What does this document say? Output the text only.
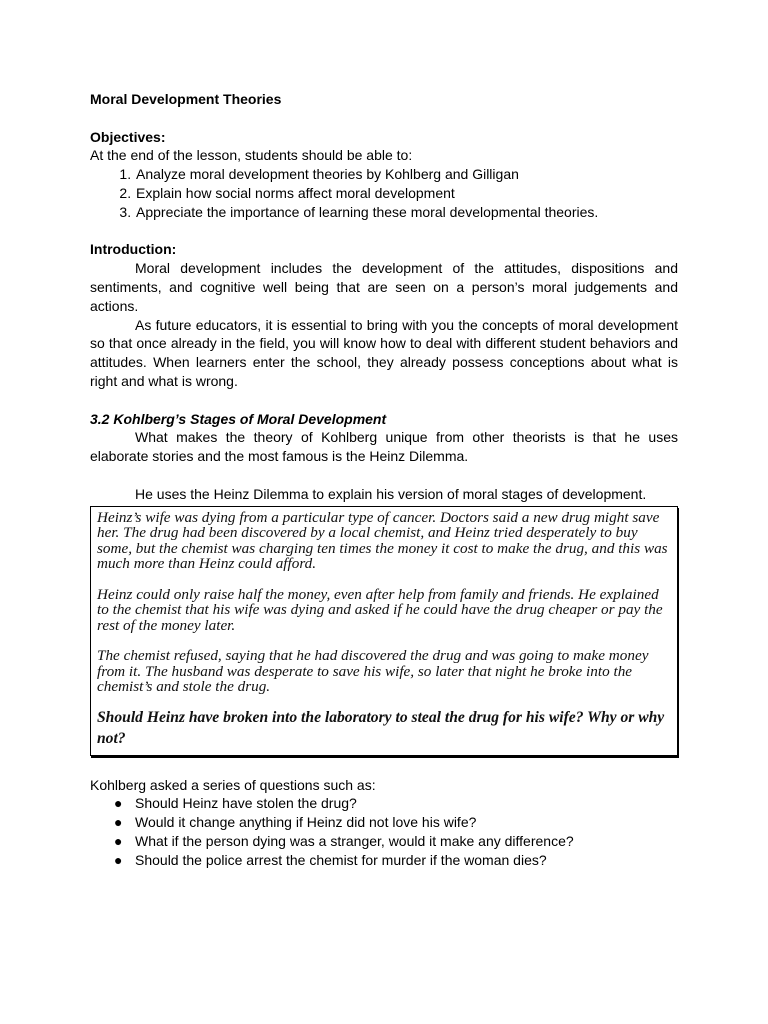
Moral Development Theories
Objectives:
At the end of the lesson, students should be able to:
1. Analyze moral development theories by Kohlberg and Gilligan
2. Explain how social norms affect moral development
3. Appreciate the importance of learning these moral developmental theories.
Introduction:

Moral development includes the development of the attitudes, dispositions and sentiments, and cognitive well being that are seen on a person’s moral judgements and actions.

As future educators, it is essential to bring with you the concepts of moral development so that once already in the field, you will know how to deal with different student behaviors and attitudes. When learners enter the school, they already possess conceptions about what is right and what is wrong.

3.2 Kohlberg’s Stages of Moral Development

What makes the theory of Kohlberg unique from other theorists is that he uses elaborate stories and the most famous is the Heinz Dilemma.

He uses the Heinz Dilemma to explain his version of moral stages of development.

Heinz’s wife was dying from a particular type of cancer. Doctors said a new drug might save her. The drug had been discovered by a local chemist, and Heinz tried desperately to buy some, but the chemist was charging ten times the money it cost to make the drug, and this was much more than Heinz could afford.

Heinz could only raise half the money, even after help from family and friends. He explained to the chemist that his wife was dying and asked if he could have the drug cheaper or pay the rest of the money later.

The chemist refused, saying that he had discovered the drug and was going to make money from it. The husband was desperate to save his wife, so later that night he broke into the chemist’s and stole the drug.

Should Heinz have broken into the laboratory to steal the drug for his wife? Why or why not?

Kohlberg asked a series of questions such as:
● Should Heinz have stolen the drug?
● Would it change anything if Heinz did not love his wife?
● What if the person dying was a stranger, would it make any difference?
● Should the police arrest the chemist for murder if the woman dies?
